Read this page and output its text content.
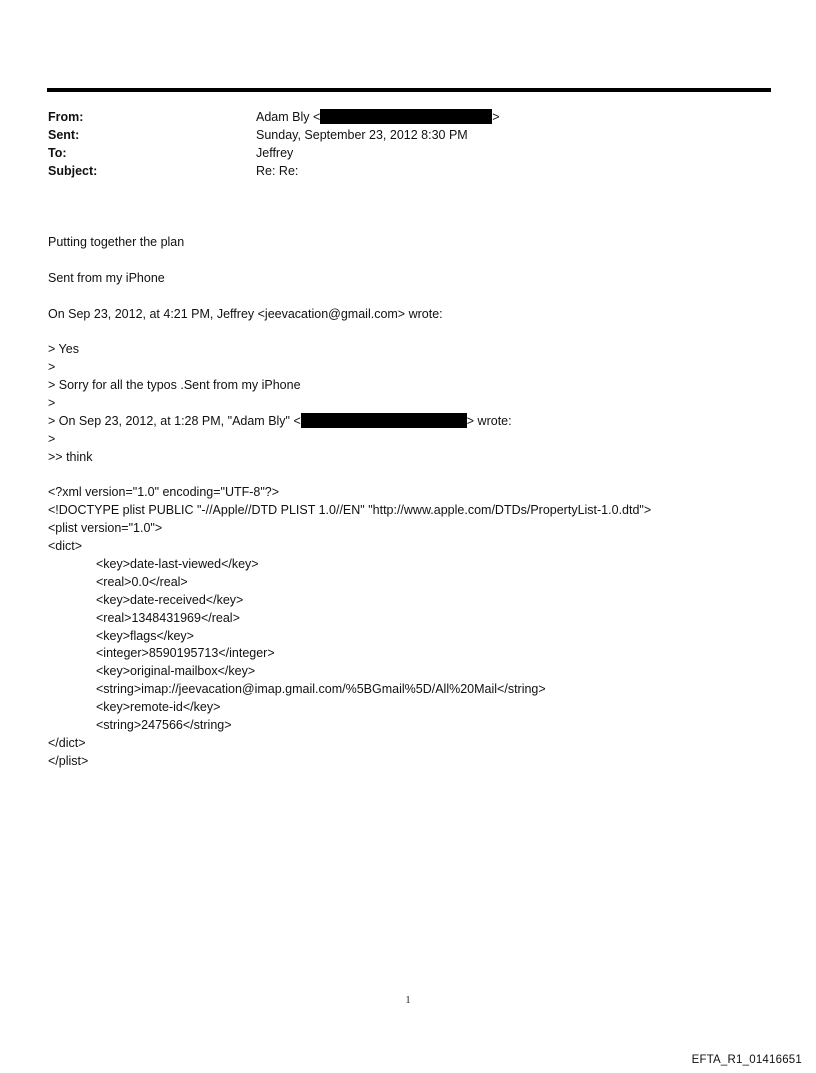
From:	Adam Bly <	>
Sent:	Sunday, September 23, 2012 8:30 PM
To:	Jeffrey
Subject:	Re: Re:
Putting together the plan
Sent from my iPhone
On Sep 23, 2012, at 4:21 PM, Jeffrey <jeevacation@gmail.com> wrote:
> Yes
>
> Sorry for all the typos .Sent from my iPhone
>
> On Sep 23, 2012, at 1:28 PM, "Adam Bly" <	> wrote:
>
>> think
<?xml version="1.0" encoding="UTF-8"?>
<!DOCTYPE plist PUBLIC "-//Apple//DTD PLIST 1.0//EN" "http://www.apple.com/DTDs/PropertyList-1.0.dtd">
<plist version="1.0">
<dict>
<key>date-last-viewed</key>
<real>0.0</real>
<key>date-received</key>
<real>1348431969</real>
<key>flags</key>
<integer>8590195713</integer>
<key>original-mailbox</key>
<string>imap://jeevacation@imap.gmail.com/%5BGmail%5D/All%20Mail</string>
<key>remote-id</key>
<string>247566</string>
</dict>
</plist>
1
EFTA_R1_01416651
